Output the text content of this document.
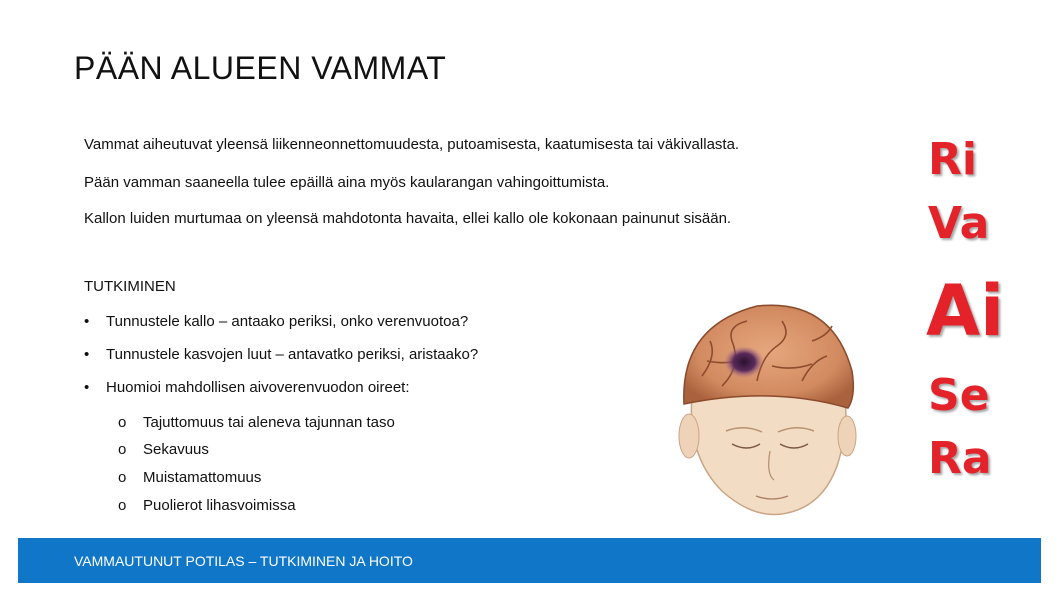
PÄÄN ALUEEN VAMMAT
Vammat aiheutuvat yleensä liikenneonnettomuudesta, putoamisesta, kaatumisesta tai väkivallasta.
Pään vamman saaneella tulee epäillä aina myös kaularangan vahingoittumista.
Kallon luiden murtumaa on yleensä mahdotonta havaita, ellei kallo ole kokonaan painunut sisään.
TUTKIMINEN
• Tunnustele kallo – antaako periksi, onko verenvuotoa?
• Tunnustele kasvojen luut – antavatko periksi, aristaako?
• Huomioi mahdollisen aivoverenvuodon oireet:
o Tajuttomuus tai aleneva tajunnan taso
o Sekavuus
o Muistamattomuus
o Puolierot lihasvoimissa
Ri
Va
Ai
Se
Ra
VAMMAUTUNUT POTILAS – TUTKIMINEN JA HOITO
